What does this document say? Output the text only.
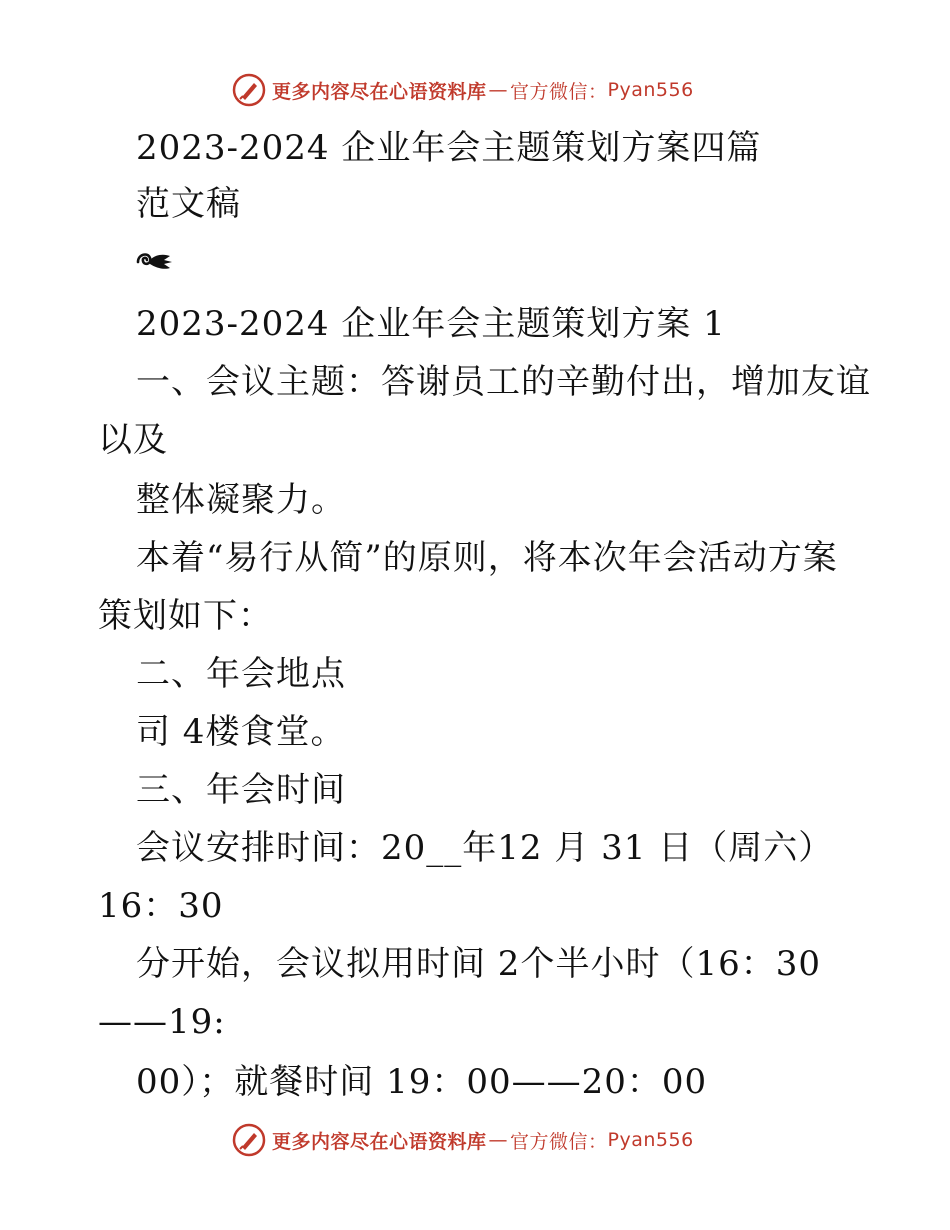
更多内容尽在心语资料库 — 官方微信： Pyan556
2023-2024 企业年会主题策划方案四篇
范文稿
2023-2024 企业年会主题策划方案 1
一、会议主题：答谢员工的辛勤付出，增加友谊
以及
整体凝聚力。
本着“易行从简”的原则，将本次年会活动方案
策划如下：
二、年会地点
司 4楼食堂。
三、年会时间
会议安排时间：20__年12 月 31 日（周六）
16：30
分开始，会议拟用时间 2个半小时（16：30
——19:
00）；就餐时间 19：00——20：00
更多内容尽在心语资料库 — 官方微信： Pyan556
